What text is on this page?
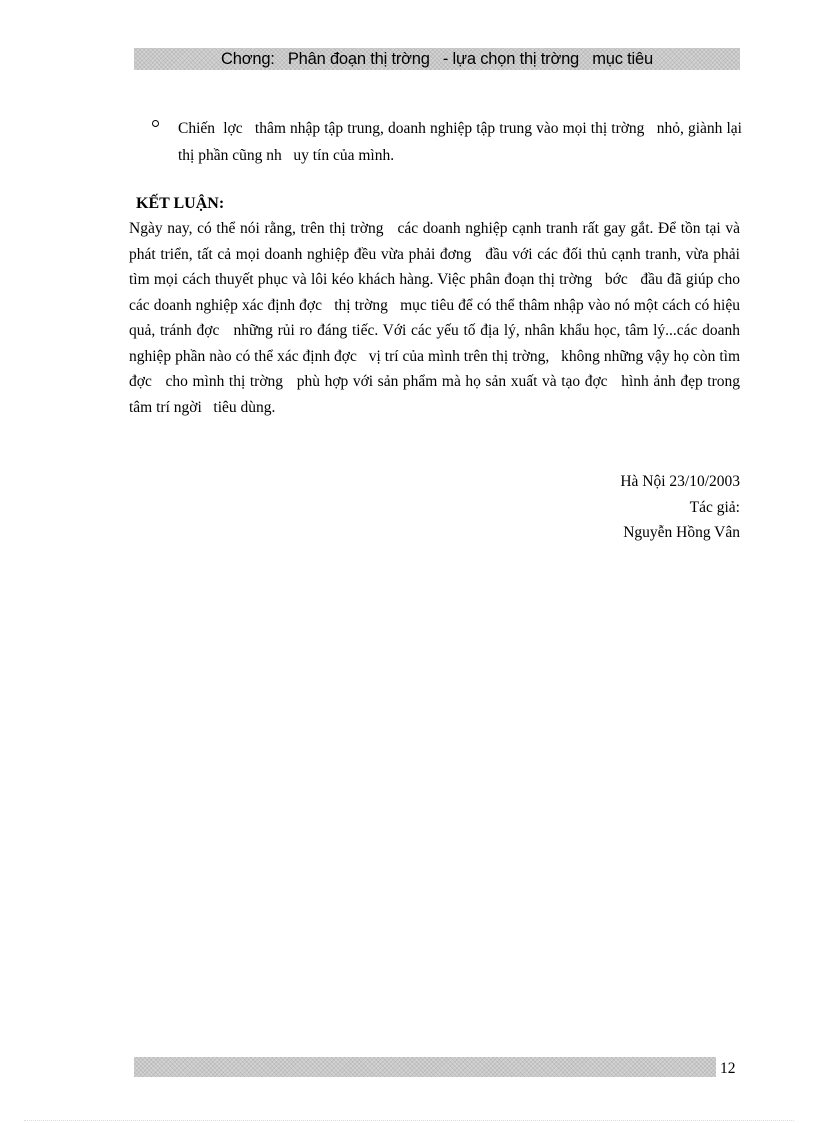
Chơng:   Phân đoạn thị trờng   - lựa chọn thị trờng   mục tiêu
Chiến  lợc   thâm nhập tập trung, doanh nghiệp tập trung vào mọi thị trờng   nhỏ, giành lại thị phần cũng nh   uy tín của mình.
KẾT LUẬN:

Ngày nay, có thể nói rằng, trên thị trờng   các doanh nghiệp cạnh tranh rất gay gắt. Để tồn tại và phát triển, tất cả mọi doanh nghiệp đều vừa phải đơng   đầu với các đối thủ cạnh tranh, vừa phải tìm mọi cách thuyết phục và lôi kéo khách hàng. Việc phân đoạn thị trờng   bớc   đầu đã giúp cho các doanh nghiệp xác định đợc   thị trờng   mục tiêu để có thể thâm nhập vào nó một cách có hiệu quả, tránh đợc   những rủi ro đáng tiếc. Với các yếu tố địa lý, nhân khẩu học, tâm lý...các doanh nghiệp phần nào có thể xác định đợc   vị trí của mình trên thị trờng,   không những vậy họ còn tìm đợc   cho mình thị trờng   phù hợp với sản phẩm mà họ sản xuất và tạo đợc   hình ảnh đẹp trong tâm trí ngời   tiêu dùng.

Hà Nội 23/10/2003
Tác giả:
Nguyễn Hồng Vân
12
